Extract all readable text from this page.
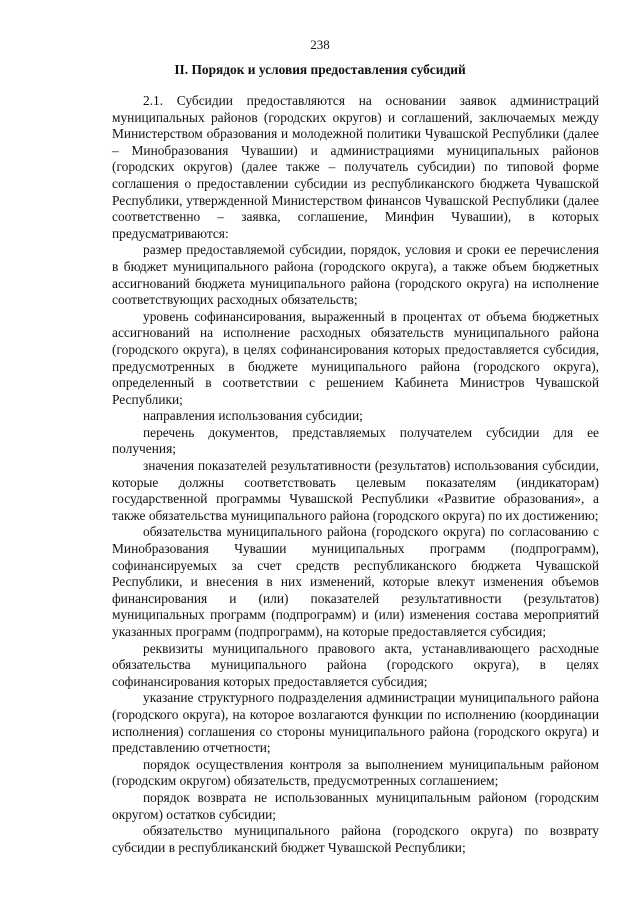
238
II. Порядок и условия предоставления субсидий

2.1. Субсидии предоставляются на основании заявок администраций муниципальных районов (городских округов) и соглашений, заключаемых между Министерством образования и молодежной политики Чувашской Республики (далее – Минобразования Чувашии) и администрациями муниципальных районов (городских округов) (далее также – получатель субсидии) по типовой форме соглашения о предоставлении субсидии из республиканского бюджета Чувашской Республики, утвержденной Министерством финансов Чувашской Республики (далее соответственно – заявка, соглашение, Минфин Чувашии), в которых предусматриваются:

размер предоставляемой субсидии, порядок, условия и сроки ее перечисления в бюджет муниципального района (городского округа), а также объем бюджетных ассигнований бюджета муниципального района (городского округа) на исполнение соответствующих расходных обязательств;

уровень софинансирования, выраженный в процентах от объема бюджетных ассигнований на исполнение расходных обязательств муниципального района (городского округа), в целях софинансирования которых предоставляется субсидия, предусмотренных в бюджете муниципального района (городского округа), определенный в соответствии с решением Кабинета Министров Чувашской Республики;

направления использования субсидии;

перечень документов, представляемых получателем субсидии для ее получения;

значения показателей результативности (результатов) использования субсидии, которые должны соответствовать целевым показателям (индикаторам) государственной программы Чувашской Республики «Развитие образования», а также обязательства муниципального района (городского округа) по их достижению;

обязательства муниципального района (городского округа) по согласованию с Минобразования Чувашии муниципальных программ (подпрограмм), софинансируемых за счет средств республиканского бюджета Чувашской Республики, и внесения в них изменений, которые влекут изменения объемов финансирования и (или) показателей результативности (результатов) муниципальных программ (подпрограмм) и (или) изменения состава мероприятий указанных программ (подпрограмм), на которые предоставляется субсидия;

реквизиты муниципального правового акта, устанавливающего расходные обязательства муниципального района (городского округа), в целях софинансирования которых предоставляется субсидия;

указание структурного подразделения администрации муниципального района (городского округа), на которое возлагаются функции по исполнению (координации исполнения) соглашения со стороны муниципального района (городского округа) и представлению отчетности;

порядок осуществления контроля за выполнением муниципальным районом (городским округом) обязательств, предусмотренных соглашением;

порядок возврата не использованных муниципальным районом (городским округом) остатков субсидии;

обязательство муниципального района (городского округа) по возврату субсидии в республиканский бюджет Чувашской Республики;
